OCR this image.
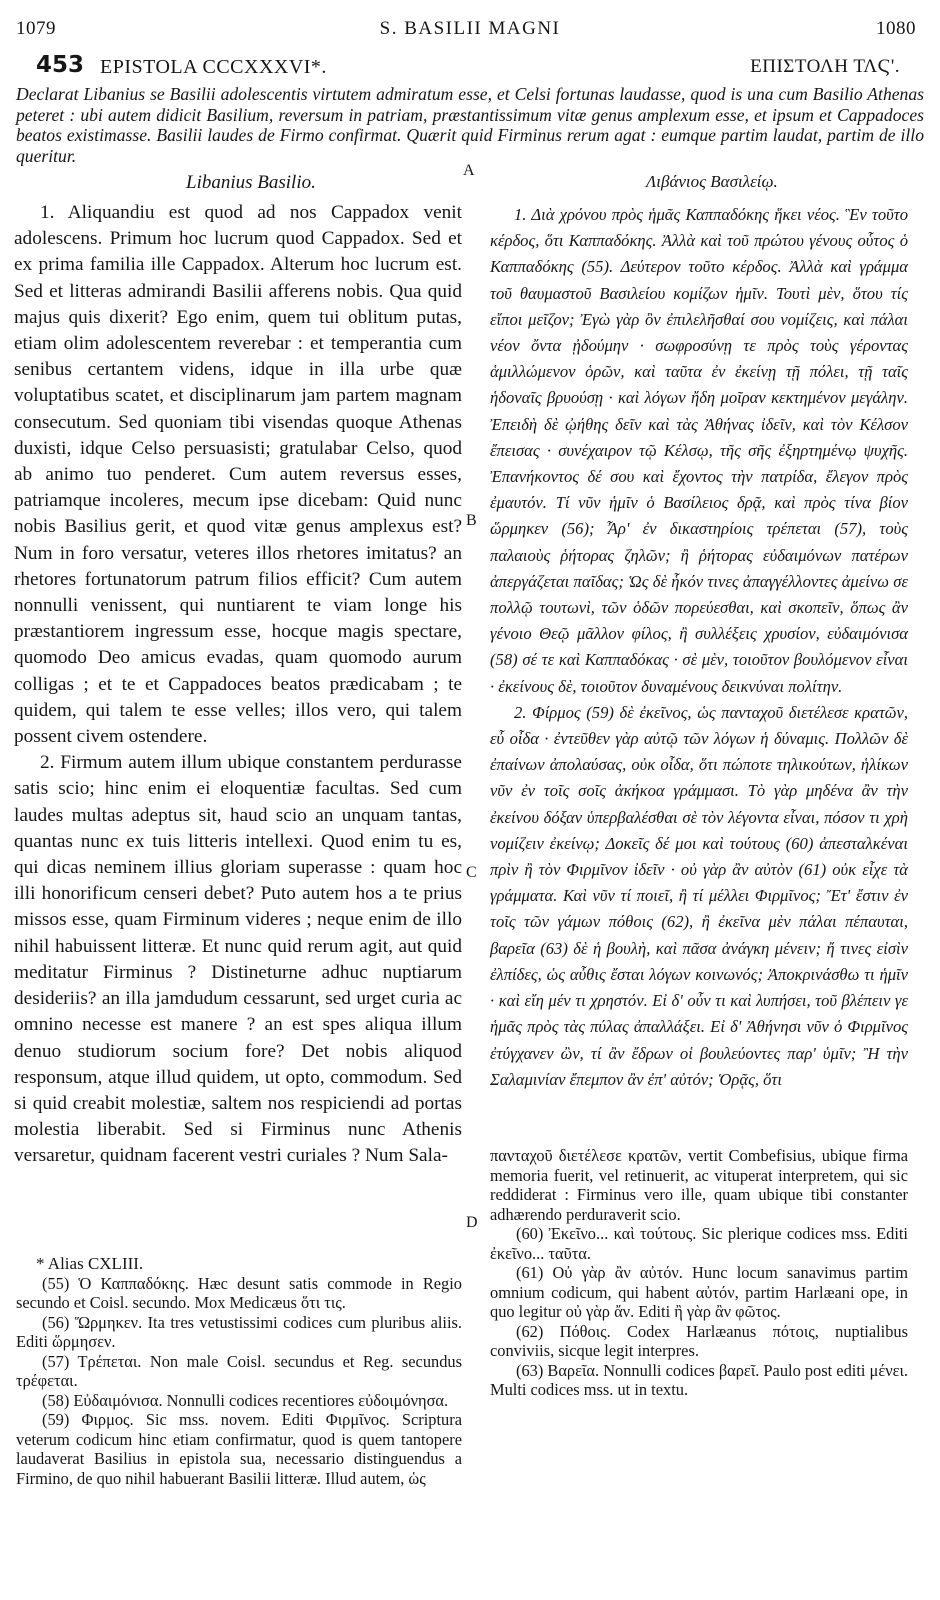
1079	S. BASILII MAGNI	1080
453 EPISTOLA CCCXXXVI*.	ΕΠΙΣΤΟΛΗ ΤΛϚ'.
Declarat Libanius se Basilii adolescentis virtutem admiratum esse, et Celsi fortunas laudasse, quod is una cum Basilio Athenas peteret : ubi autem didicit Basilium, reversum in patriam, præstantissimum vitæ genus amplexum esse, et ipsum et Cappadoces beatos existimasse. Basilii laudes de Firmo confirmat. Quærit quid Firminus rerum agat : eumque partim laudat, partim de illo queritur.
Libanius Basilio.	Λιβάνιος Βασιλείῳ.
A
B
C
D

1. Aliquandiu est quod ad nos Cappadox venit adolescens. Primum hoc lucrum quod Cappadox. Sed et ex prima familia ille Cappadox. Alterum hoc lucrum est. Sed et litteras admirandi Basilii afferens nobis. Qua quid majus quis dixerit? Ego enim, quem tui oblitum putas, etiam olim adolescentem reverebar : et temperantia cum senibus certantem videns, idque in illa urbe quæ voluptatibus scatet, et disciplinarum jam partem magnam consecutum. Sed quoniam tibi visendas quoque Athenas duxisti, idque Celso persuasisti; gratulabar Celso, quod ab animo tuo penderet. Cum autem reversus esses, patriamque incoleres, mecum ipse dicebam: Quid nunc nobis Basilius gerit, et quod vitæ genus amplexus est? Num in foro versatur, veteres illos rhetores imitatus? an rhetores fortunatorum patrum filios efficit? Cum autem nonnulli venissent, qui nuntiarent te viam longe his præstantiorem ingressum esse, hocque magis spectare, quomodo Deo amicus evadas, quam quomodo aurum colligas ; et te et Cappadoces beatos prædicabam ; te quidem, qui talem te esse velles; illos vero, qui talem possent civem ostendere.

2. Firmum autem illum ubique constantem perdurasse satis scio; hinc enim ei eloquentiæ facultas. Sed cum laudes multas adeptus sit, haud scio an unquam tantas, quantas nunc ex tuis litteris intellexi. Quod enim tu es, qui dicas neminem illius gloriam superasse : quam hoc illi honorificum censeri debet? Puto autem hos a te prius missos esse, quam Firminum videres ; neque enim de illo nihil habuissent litteræ. Et nunc quid rerum agit, aut quid meditatur Firminus ? Distineturne adhuc nuptiarum desideriis? an illa jamdudum cessarunt, sed urget curia ac omnino necesse est manere ? an est spes aliqua illum denuo studiorum socium fore? Det nobis aliquod responsum, atque illud quidem, ut opto, commodum. Sed si quid creabit molestiæ, saltem nos respiciendi ad portas molestia liberabit. Sed si Firminus nunc Athenis versaretur, quidnam facerent vestri curiales ? Num Sala-

1. Διὰ χρόνου πρὸς ἡμᾶς Καππαδόκης ἥκει νέος. Ἓν τοῦτο κέρδος, ὅτι Καππαδόκης. Ἀλλὰ καὶ τοῦ πρώτου γένους οὗτος ὁ Καππαδόκης (55). Δεύτερον τοῦτο κέρδος. Ἀλλὰ καὶ γράμμα τοῦ θαυμαστοῦ Βασιλείου κομίζων ἡμῖν. Τουτὶ μὲν, ὅτου τίς εἴποι μεῖζον; Ἐγὼ γὰρ ὃν ἐπιλελῆσθαί σου νομίζεις, καὶ πάλαι νέον ὄντα ᾐδούμην · σωφροσύνῃ τε πρὸς τοὺς γέροντας ἁμιλλώμενον ὁρῶν, καὶ ταῦτα ἐν ἐκείνῃ τῇ πόλει, τῇ ταῖς ἡδοναῖς βρυούσῃ · καὶ λόγων ἤδη μοῖραν κεκτημένον μεγάλην. Ἐπειδὴ δὲ ᾠήθης δεῖν καὶ τὰς Ἀθήνας ἰδεῖν, καὶ τὸν Κέλσον ἔπεισας · συνέχαιρον τῷ Κέλσῳ, τῆς σῆς ἐξηρτημένῳ ψυχῆς. Ἐπανήκοντος δέ σου καὶ ἔχοντος τὴν πατρίδα, ἔλεγον πρὸς ἐμαυτόν. Τί νῦν ἡμῖν ὁ Βασίλειος δρᾷ, καὶ πρὸς τίνα βίον ὥρμηκεν (56); Ἆρ' ἐν δικαστηρίοις τρέπεται (57), τοὺς παλαιοὺς ῥήτορας ζηλῶν; ἢ ῥήτορας εὐδαιμόνων πατέρων ἀπεργάζεται παῖδας; Ὡς δὲ ἧκόν τινες ἀπαγγέλλοντες ἀμείνω σε πολλῷ τουτωνὶ, τῶν ὁδῶν πορεύεσθαι, καὶ σκοπεῖν, ὅπως ἂν γένοιο Θεῷ μᾶλλον φίλος, ἢ συλλέξεις χρυσίον, εὐδαιμόνισα (58) σέ τε καὶ Καππαδόκας · σὲ μὲν, τοιοῦτον βουλόμενον εἶναι · ἐκείνους δὲ, τοιοῦτον δυναμένους δεικνύναι πολίτην.

2. Φίρμος (59) δὲ ἐκεῖνος, ὡς πανταχοῦ διετέλεσε κρατῶν, εὖ οἶδα · ἐντεῦθεν γὰρ αὐτῷ τῶν λόγων ἡ δύναμις. Πολλῶν δὲ ἐπαίνων ἀπολαύσας, οὐκ οἶδα, ὅτι πώποτε τηλικούτων, ἡλίκων νῦν ἐν τοῖς σοῖς ἀκήκοα γράμμασι. Τὸ γὰρ μηδένα ἂν τὴν ἐκείνου δόξαν ὑπερβαλέσθαι σὲ τὸν λέγοντα εἶναι, πόσον τι χρὴ νομίζειν ἐκείνῳ; Δοκεῖς δέ μοι καὶ τούτους (60) ἀπεσταλκέναι πρὶν ἢ τὸν Φιρμῖνον ἰδεῖν · οὐ γὰρ ἂν αὐτὸν (61) οὐκ εἶχε τὰ γράμματα. Καὶ νῦν τί ποιεῖ, ἢ τί μέλλει Φιρμῖνος; Ἔτ' ἔστιν ἐν τοῖς τῶν γάμων πόθοις (62), ἢ ἐκεῖνα μὲν πάλαι πέπαυται, βαρεῖα (63) δὲ ἡ βουλὴ, καὶ πᾶσα ἀνάγκη μένειν; ἤ τινες εἰσὶν ἐλπίδες, ὡς αὖθις ἔσται λόγων κοινωνός; Ἀποκρινάσθω τι ἡμῖν · καὶ εἴη μέν τι χρηστόν. Εἰ δ' οὖν τι καὶ λυπήσει, τοῦ βλέπειν γε ἡμᾶς πρὸς τὰς πύλας ἀπαλλάξει. Εἰ δ' Ἀθήνησι νῦν ὁ Φιρμῖνος ἐτύγχανεν ὢν, τί ἂν ἔδρων οἱ βουλεύοντες παρ' ὑμῖν; Ἢ τὴν Σαλαμινίαν ἔπεμπον ἂν ἐπ' αὐτόν; Ὁρᾷς, ὅτι

* Alias CXLIII.

(55) Ὁ Καππαδόκης. Hæc desunt satis commode in Regio secundo et Coisl. secundo. Mox Medicæus ὅτι τις.

(56) Ὥρμηκεν. Ita tres vetustissimi codices cum pluribus aliis. Editi ὥρμησεν.

(57) Τρέπεται. Non male Coisl. secundus et Reg. secundus τρέφεται.

(58) Εὐδαιμόνισα. Nonnulli codices recentiores εὐδοιμόνησα.

(59) Φιρμος. Sic mss. novem. Editi Φιρμῖνος. Scriptura veterum codicum hinc etiam confirmatur, quod is quem tantopere laudaverat Basilius in epistola sua, necessario distinguendus a Firmino, de quo nihil habuerant Basilii litteræ. Illud autem, ὡς

πανταχοῦ διετέλεσε κρατῶν, vertit Combefisius, ubique firma memoria fuerit, vel retinuerit, ac vituperat interpretem, qui sic reddiderat : Firminus vero ille, quam ubique tibi constanter adhærendo perduraverit scio.

(60) Ἐκεῖνο... καὶ τούτους. Sic plerique codices mss. Editi ἐκεῖνο... ταῦτα.

(61) Οὐ γὰρ ἂν αὐτόν. Hunc locum sanavimus partim omnium codicum, qui habent αὐτόν, partim Harlæani ope, in quo legitur οὐ γὰρ ἄν. Editi ἢ γὰρ ἂν φῶτος.

(62) Πόθοις. Codex Harlæanus πότοις, nuptialibus conviviis, sicque legit interpres.

(63) Βαρεῖα. Nonnulli codices βαρεῖ. Paulo post editi μένει. Multi codices mss. ut in textu.
